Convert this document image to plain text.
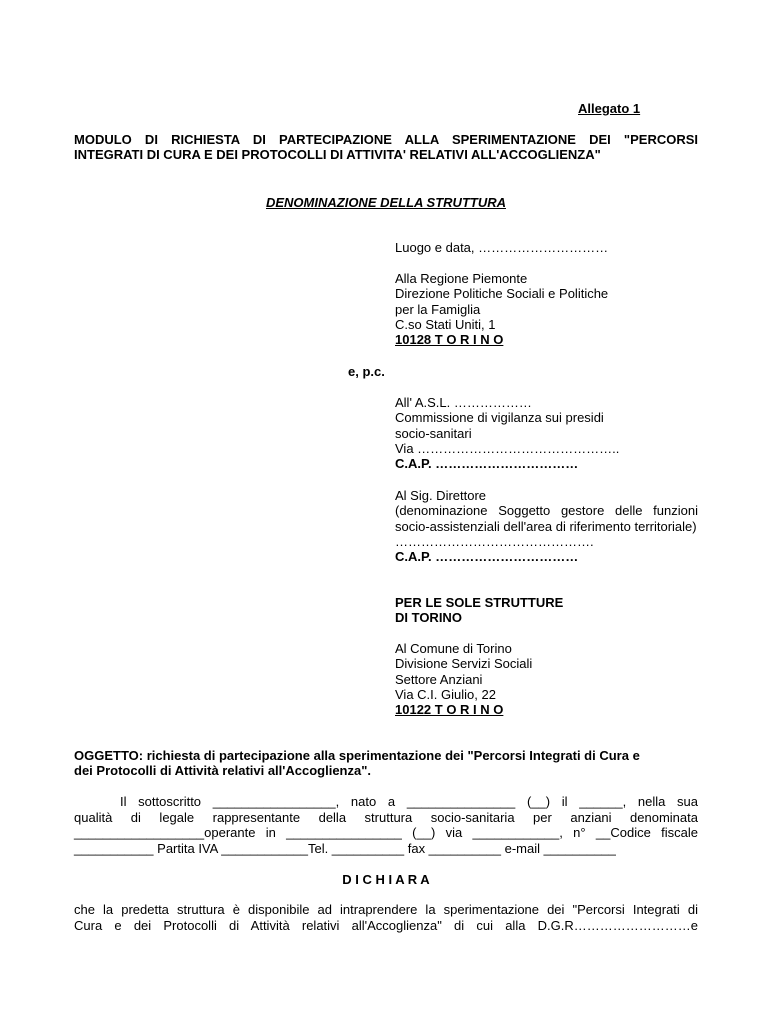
Allegato 1
MODULO DI RICHIESTA DI PARTECIPAZIONE ALLA SPERIMENTAZIONE DEI "PERCORSI
INTEGRATI DI CURA E DEI PROTOCOLLI DI ATTIVITA' RELATIVI ALL'ACCOGLIENZA"
DENOMINAZIONE DELLA STRUTTURA
Luogo e data, …………………………
Alla Regione Piemonte
Direzione Politiche Sociali e Politiche
per la Famiglia
C.so Stati Uniti, 1
10128 T O R I N O
e, p.c.
All' A.S.L. ………………
Commissione di vigilanza sui presidi
socio-sanitari
Via ………………………………………..
C.A.P. ……………………………
Al Sig. Direttore
(denominazione Soggetto gestore delle funzioni socio-assistenziali dell'area di riferimento territoriale)
……………………………………….
C.A.P. ……………………………
PER LE SOLE STRUTTURE
DI TORINO
Al Comune di Torino
Divisione Servizi Sociali
Settore Anziani
Via C.I. Giulio, 22
10122 T O R I N O
OGGETTO: richiesta di partecipazione alla sperimentazione dei "Percorsi Integrati di Cura e
dei Protocolli di Attività relativi all'Accoglienza".
Il sottoscritto _________________, nato a _______________ (__) il ______, nella sua
qualità di legale rappresentante della struttura socio-sanitaria per anziani denominata
__________________operante in ________________ (__) via ____________, n° __Codice fiscale
___________ Partita IVA ____________Tel. __________ fax __________ e-mail __________
D I C H I A R A
che la predetta struttura è disponibile ad intraprendere la sperimentazione dei "Percorsi Integrati di
Cura e dei Protocolli di Attività relativi all'Accoglienza" di cui alla D.G.R………………………e
